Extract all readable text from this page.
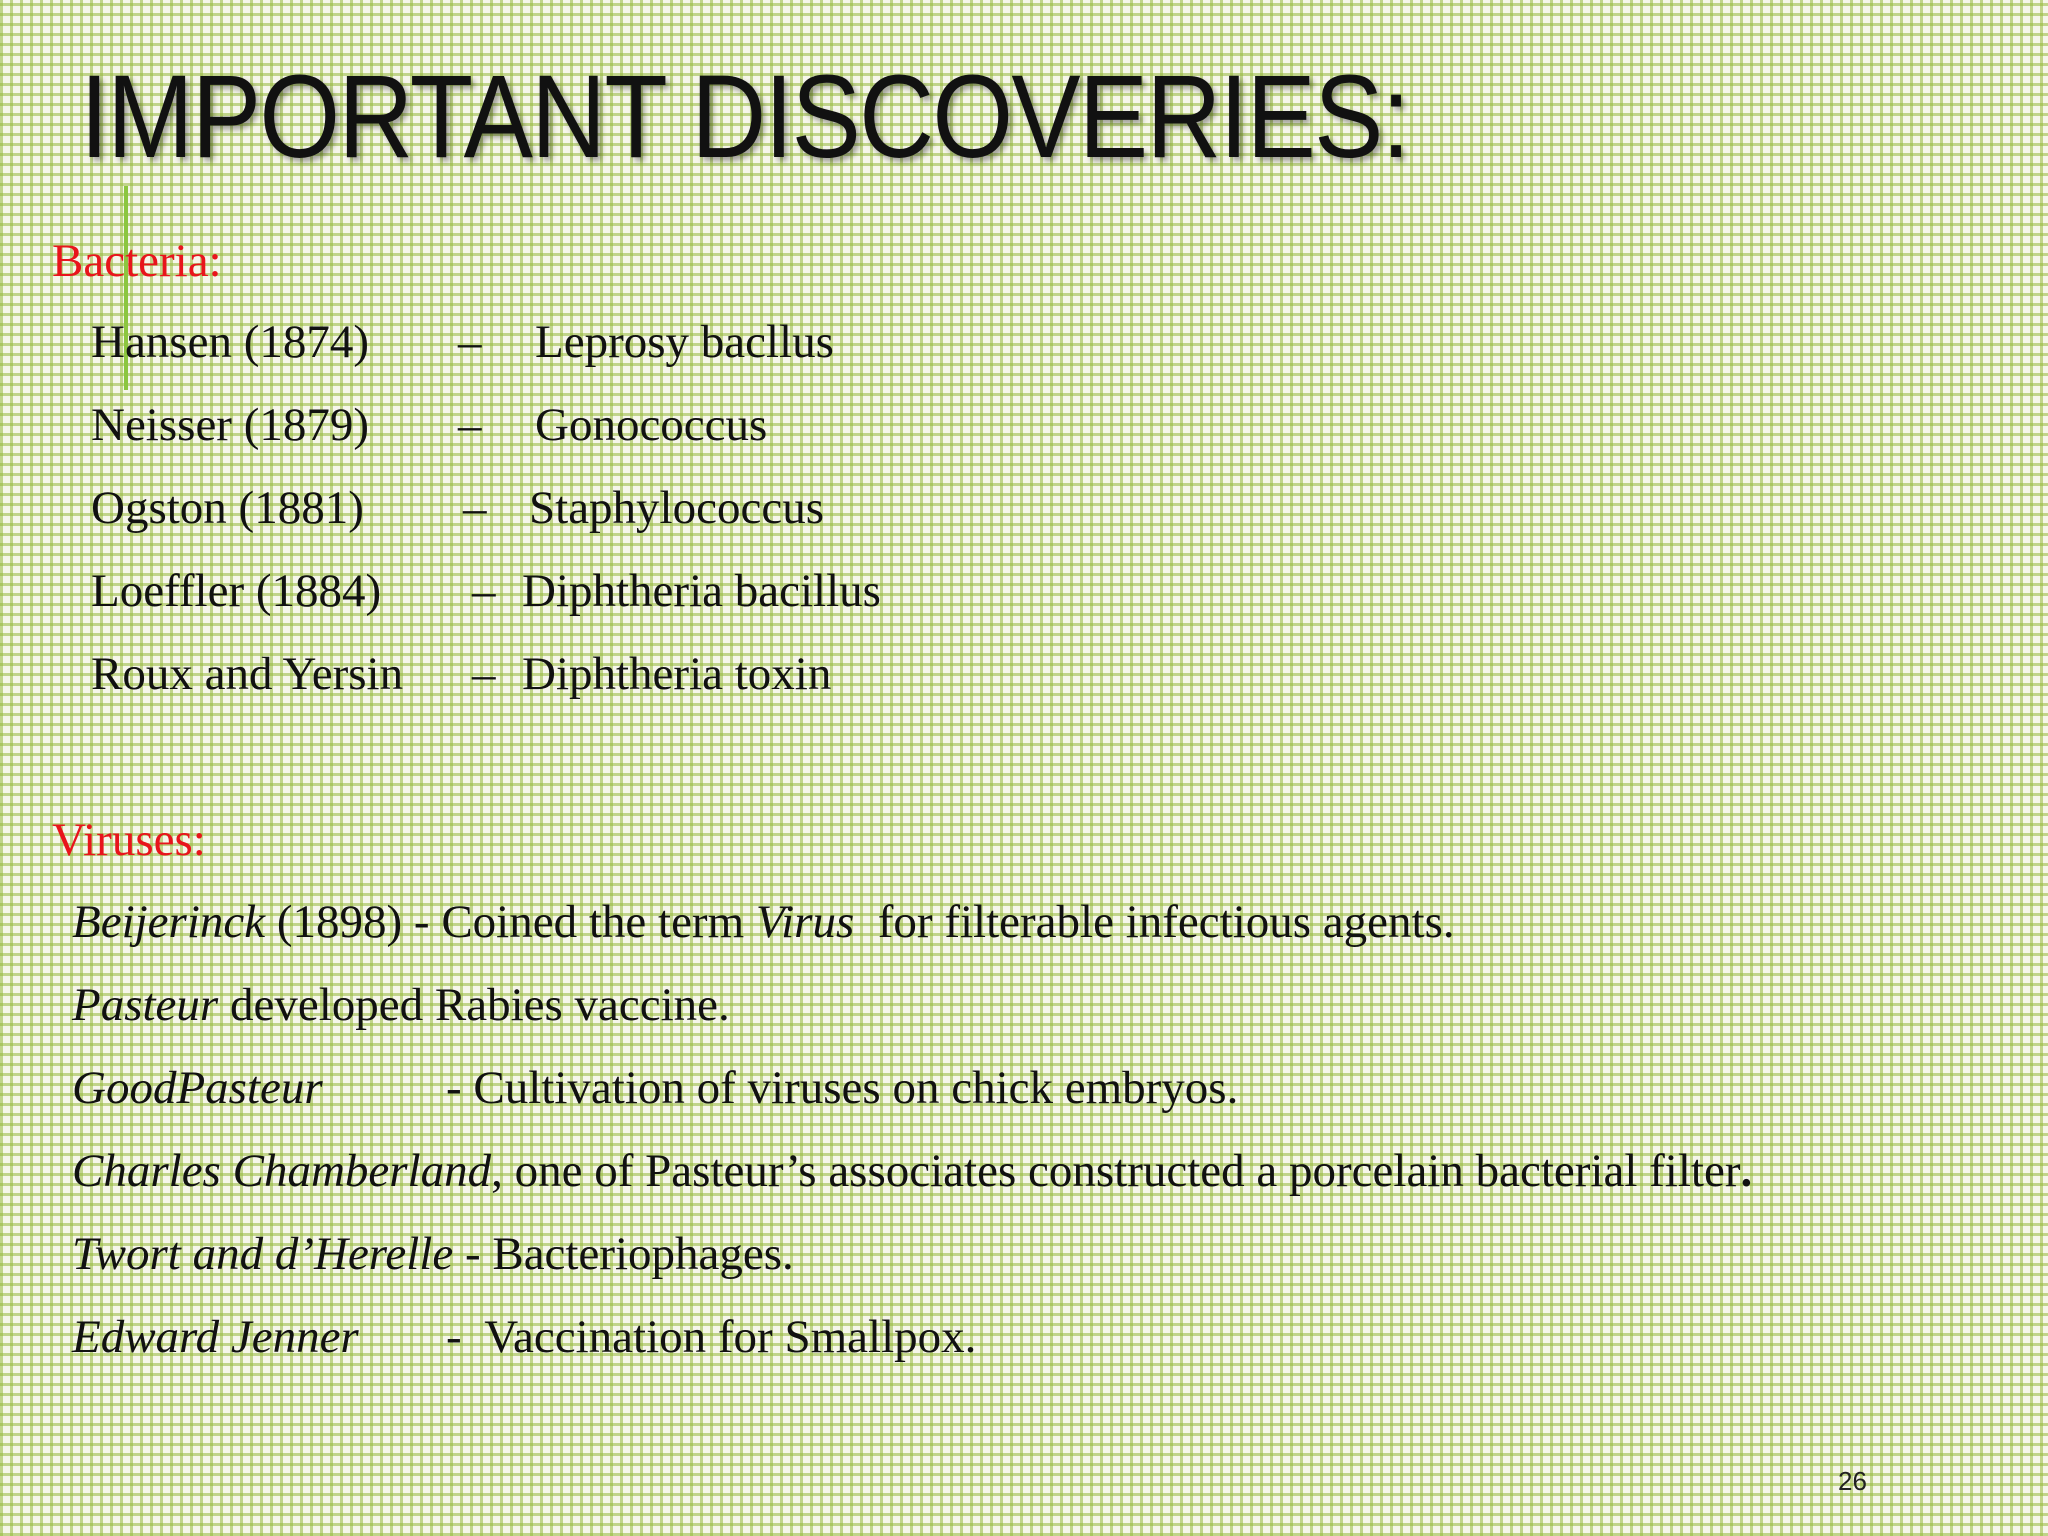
IMPORTANT DISCOVERIES:
Bacteria:
Hansen (1874) – Leprosy bacllus
Neisser (1879) – Gonococcus
Ogston (1881) – Staphylococcus
Loeffler (1884) – Diphtheria bacillus
Roux and Yersin – Diphtheria toxin
Viruses:
Beijerinck (1898) - Coined the term Virus  for filterable infectious agents.
Pasteur developed Rabies vaccine.
GoodPasteur	- Cultivation of viruses on chick embryos.
Charles Chamberland, one of Pasteur’s associates constructed a porcelain bacterial filter.
Twort and d’Herelle - Bacteriophages.
Edward Jenner -  Vaccination for Smallpox.
26
